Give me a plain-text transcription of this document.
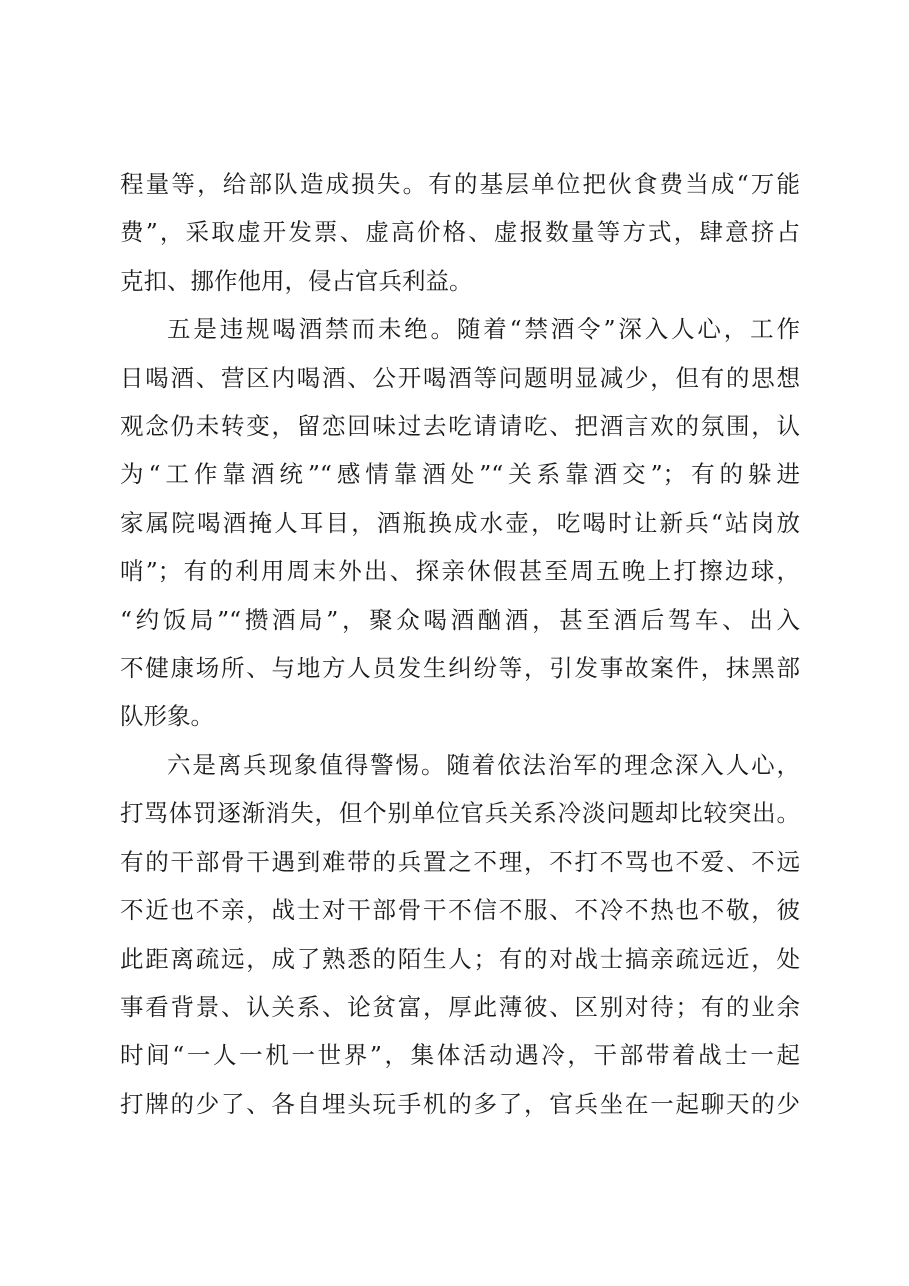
程量等，给部队造成损失。有的基层单位把伙食费当成“万能
费”，采取虚开发票、虚高价格、虚报数量等方式，肆意挤占
克扣、挪作他用，侵占官兵利益。
五是违规喝酒禁而未绝。随着“禁酒令”深入人心，工作
日喝酒、营区内喝酒、公开喝酒等问题明显减少，但有的思想
观念仍未转变，留恋回味过去吃请请吃、把酒言欢的氛围，认
为“工作靠酒统”“感情靠酒处”“关系靠酒交”；有的躲进
家属院喝酒掩人耳目，酒瓶换成水壶，吃喝时让新兵“站岗放
哨”；有的利用周末外出、探亲休假甚至周五晚上打擦边球，
“约饭局”“攒酒局”，聚众喝酒酗酒，甚至酒后驾车、出入
不健康场所、与地方人员发生纠纷等，引发事故案件，抹黑部
队形象。
六是离兵现象值得警惕。随着依法治军的理念深入人心，
打骂体罚逐渐消失，但个别单位官兵关系冷淡问题却比较突出。
有的干部骨干遇到难带的兵置之不理，不打不骂也不爱、不远
不近也不亲，战士对干部骨干不信不服、不冷不热也不敬，彼
此距离疏远，成了熟悉的陌生人；有的对战士搞亲疏远近，处
事看背景、认关系、论贫富，厚此薄彼、区别对待；有的业余
时间“一人一机一世界”，集体活动遇冷，干部带着战士一起
打牌的少了、各自埋头玩手机的多了，官兵坐在一起聊天的少
